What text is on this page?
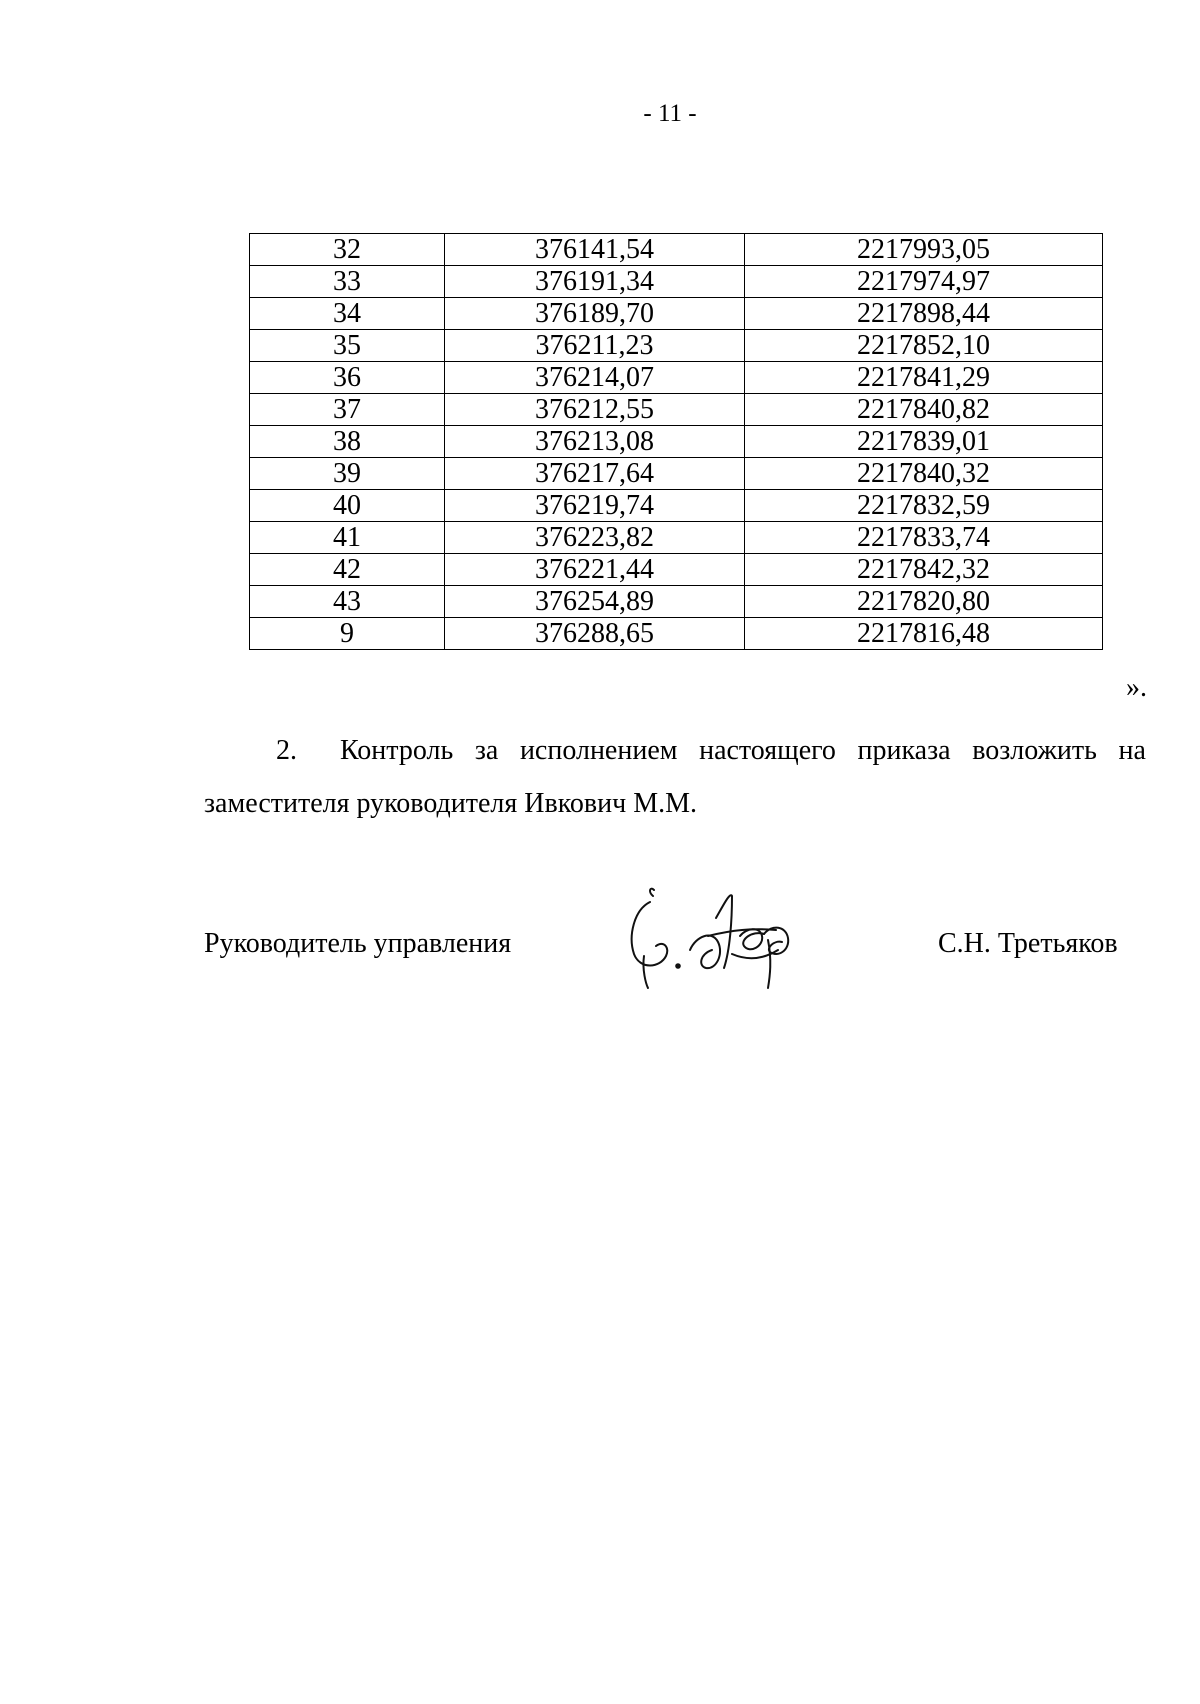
- 11 -
32	376141,54	2217993,05
33	376191,34	2217974,97
34	376189,70	2217898,44
35	376211,23	2217852,10
36	376214,07	2217841,29
37	376212,55	2217840,82
38	376213,08	2217839,01
39	376217,64	2217840,32
40	376219,74	2217832,59
41	376223,82	2217833,74
42	376221,44	2217842,32
43	376254,89	2217820,80
9	376288,65	2217816,48
».
2. Контроль за исполнением настоящего приказа возложить на
заместителя руководителя Ивкович М.М.
Руководитель управления	С.Н. Третьяков
